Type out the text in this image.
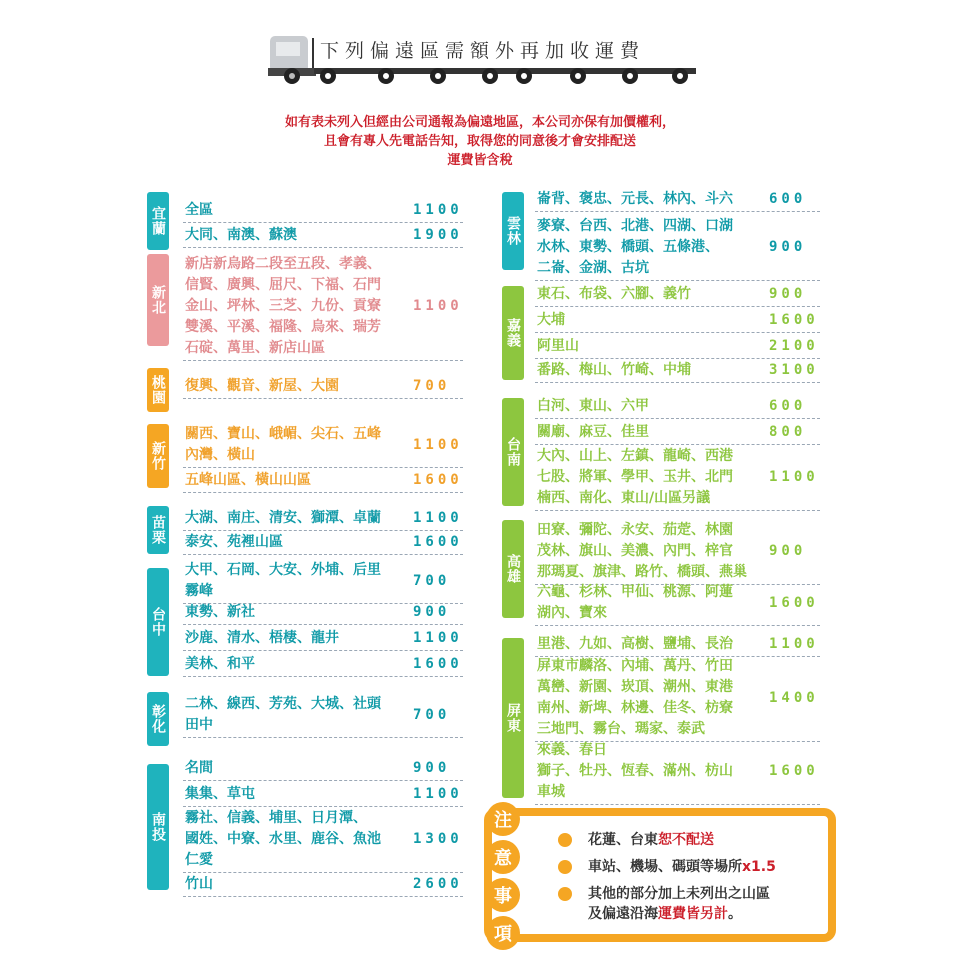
下列偏遠區需額外再加收運費
如有表未列入但經由公司通報為偏遠地區，本公司亦保有加價權利，
且會有專人先電話告知，取得您的同意後才會安排配送
運費皆含稅
宜蘭 全區	1100
大同、南澳、蘇澳	1900
新北
新店新烏路二段至五段、孝義、
信賢、廣興、屈尺、下福、石門
金山、坪林、三芝、九份、貢寮
雙溪、平溪、福隆、烏來、瑞芳
石碇、萬里、新店山區
1100
桃園 復興、觀音、新屋、大園	700
新竹
關西、寶山、峨嵋、尖石、五峰
內灣、橫山
1100
五峰山區、橫山山區	1600
苗栗 大湖、南庄、清安、獅潭、卓蘭 1100
泰安、苑裡山區	1600
台中
大甲、石岡、大安、外埔、后里
霧峰
700
東勢、新社	900
沙鹿、清水、梧棲、龍井	1100
美林、和平	1600
彰化 二林、線西、芳苑、大城、社頭
田中
700
南投
名間	900
集集、草屯	1100
霧社、信義、埔里、日月潭、
國姓、中寮、水里、鹿谷、魚池
仁愛
1300
竹山	2600
雲林
崙背、褒忠、元長、林內、斗六	600
麥寮、台西、北港、四湖、口湖
水林、東勢、橋頭、五條港、
二崙、金湖、古坑
900
嘉義
東石、布袋、六腳、義竹	900
大埔	1600
阿里山	2100
番路、梅山、竹崎、中埔	3100
台南
白河、東山、六甲	600
關廟、麻豆、佳里	800
大內、山上、左鎮、龍崎、西港
七股、將軍、學甲、玉井、北門
楠西、南化、東山/山區另議
1100
高雄
田寮、彌陀、永安、茄萣、林園
茂林、旗山、美濃、內門、梓官
那瑪夏、旗津、路竹、橋頭、燕巢
900
六龜、杉林、甲仙、桃源、阿蓮
湖內、寶來
1600
屏東
里港、九如、高樹、鹽埔、長治	1100
屏東市麟洛、內埔、萬丹、竹田
萬巒、新園、崁頂、潮州、東港
南州、新埤、林邊、佳冬、枋寮
三地門、霧台、瑪家、泰武
1400
來義、春日
獅子、牡丹、恆春、滿州、枋山
車城
1600
注
意
事
項
花蓮、台東恕不配送
車站、機場、碼頭等場所x1.5
其他的部分加上未列出之山區
及偏遠沿海運費皆另計。
